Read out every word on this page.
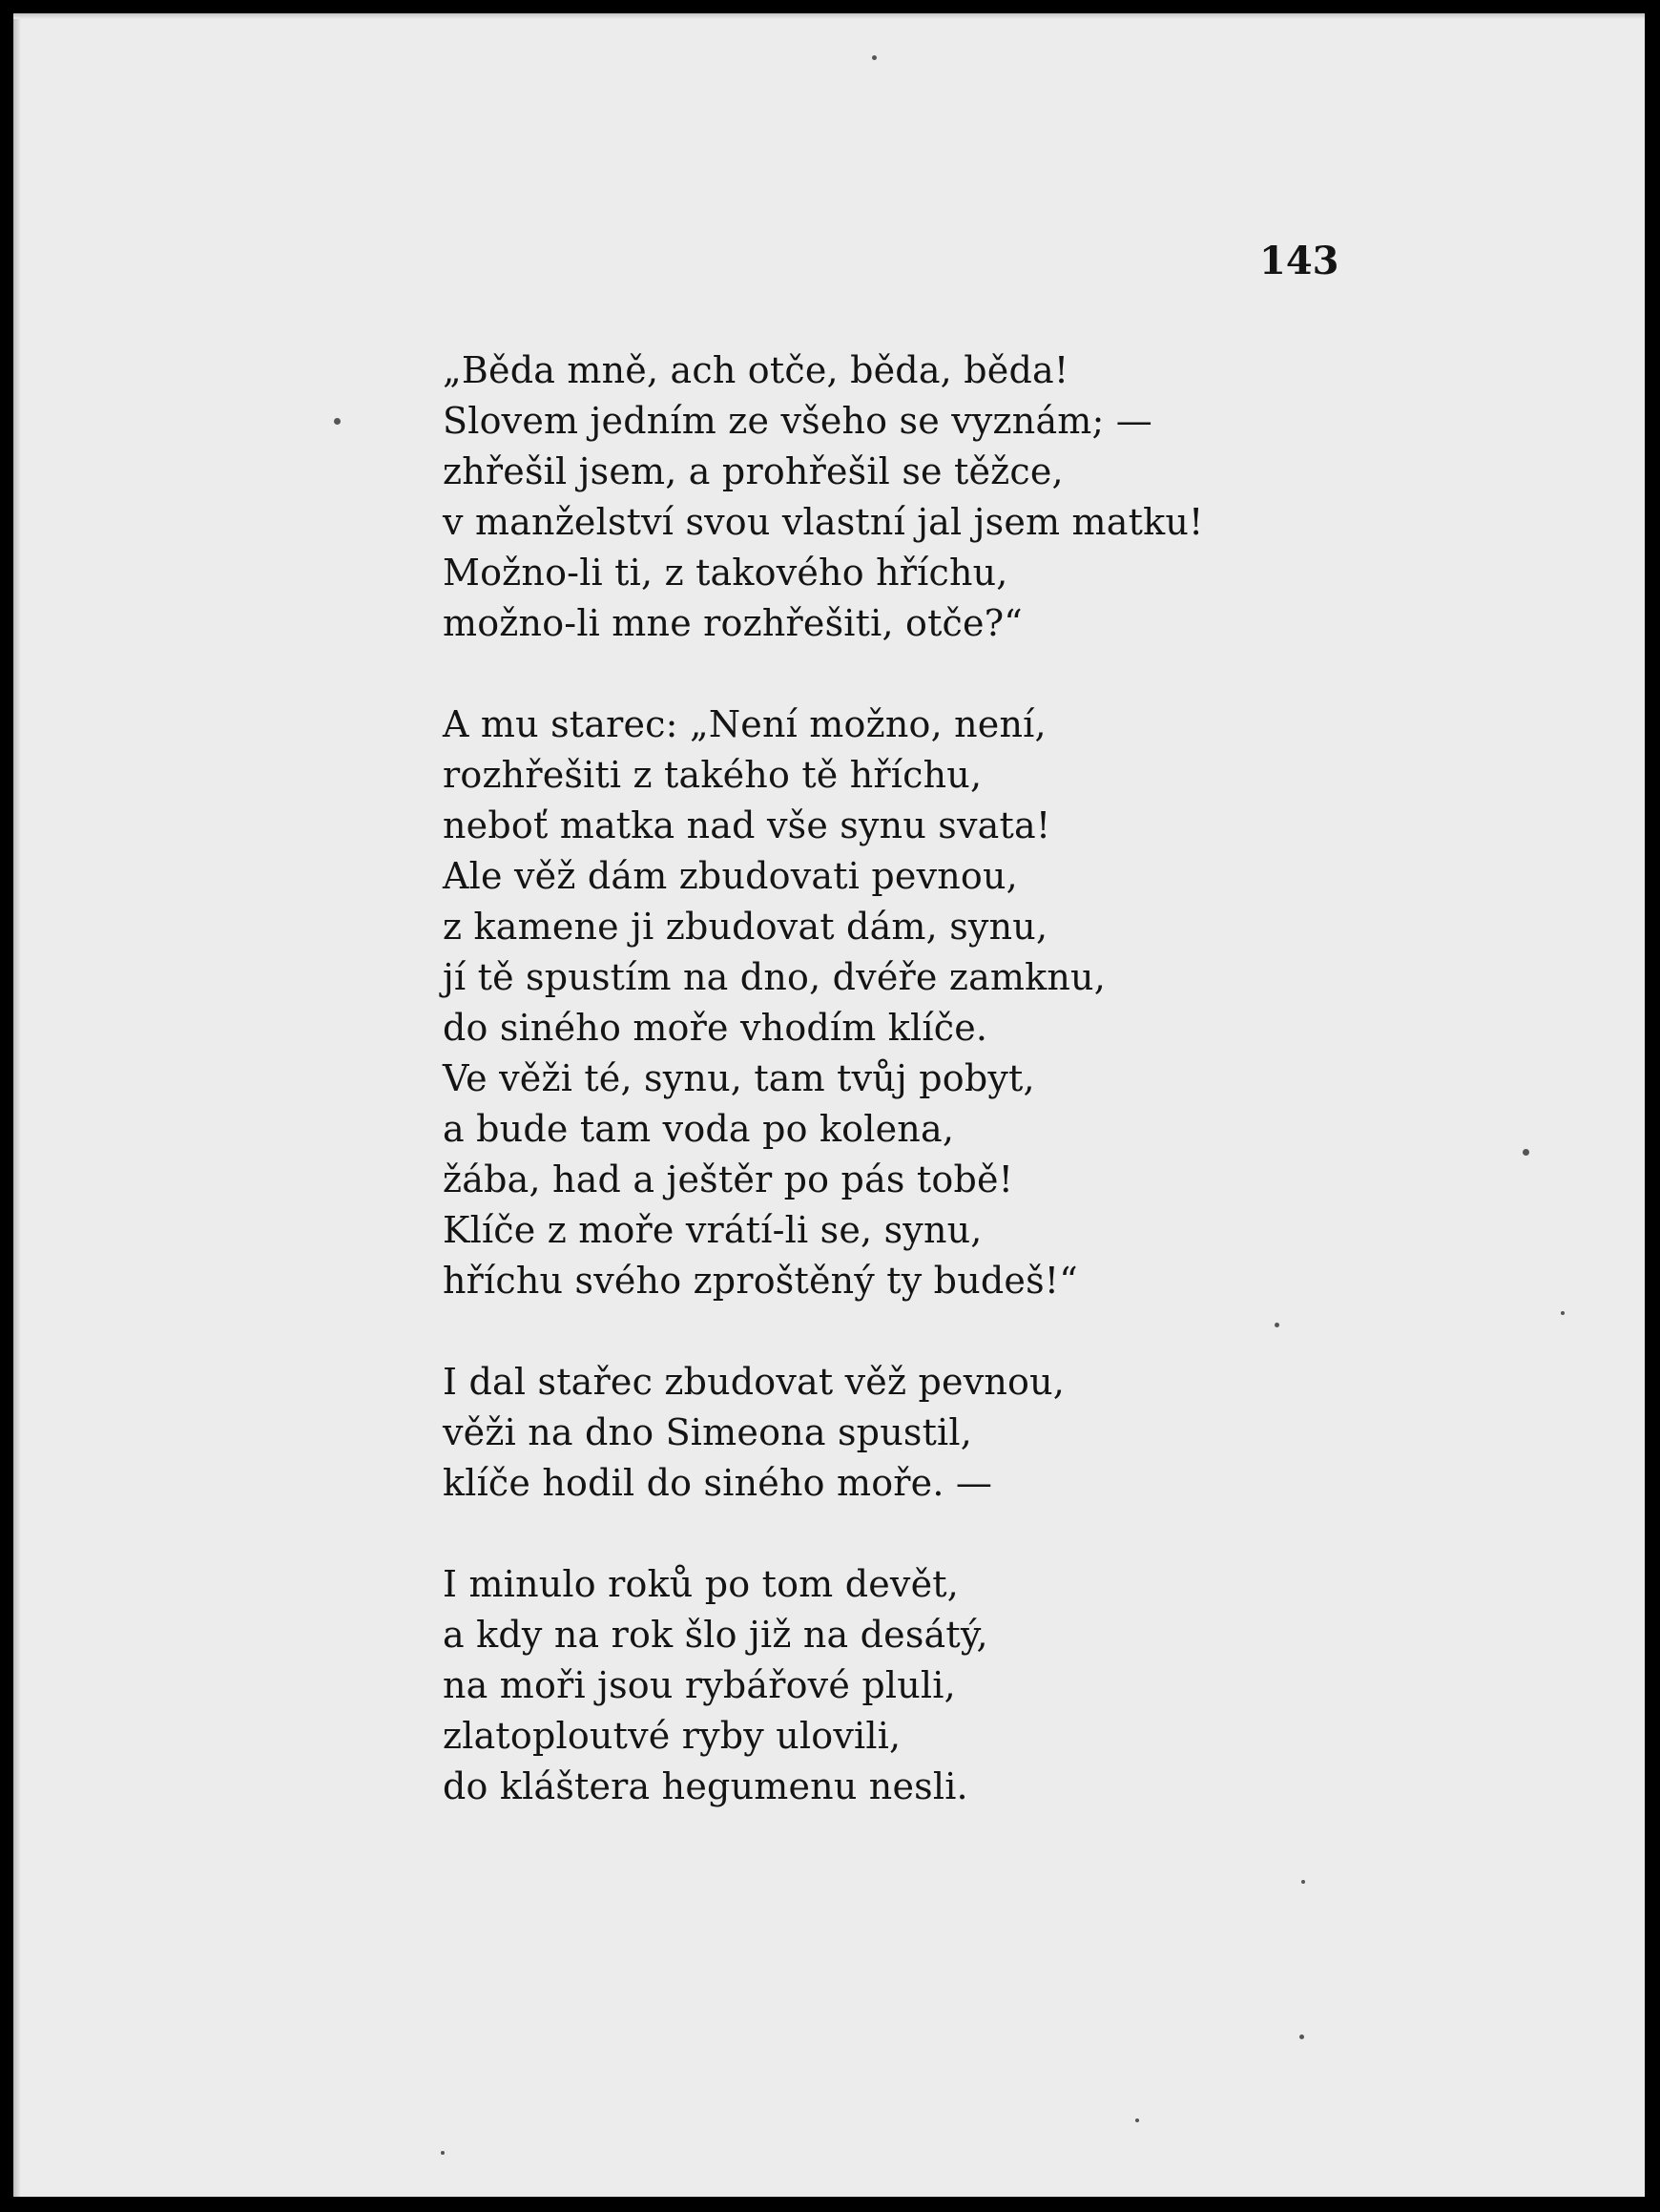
143
„Běda mně, ach otče, běda, běda!
Slovem jedním ze všeho se vyznám; —
zhřešil jsem, a prohřešil se těžce,
v manželství svou vlastní jal jsem matku!
Možno-li ti, z takového hříchu,
možno-li mne rozhřešiti, otče?“
A mu starec: „Není možno, není,
rozhřešiti z takého tě hříchu,
neboť matka nad vše synu svata!
Ale věž dám zbudovati pevnou,
z kamene ji zbudovat dám, synu,
jí tě spustím na dno, dvéře zamknu,
do siného moře vhodím klíče.
Ve věži té, synu, tam tvůj pobyt,
a bude tam voda po kolena,
žába, had a ještěr po pás tobě!
Klíče z moře vrátí-li se, synu,
hříchu svého zproštěný ty budeš!“
I dal stařec zbudovat věž pevnou,
věži na dno Simeona spustil,
klíče hodil do siného moře. —
I minulo roků po tom devět,
a kdy na rok šlo již na desátý,
na moři jsou rybářové pluli,
zlatoploutvé ryby ulovili,
do kláštera hegumenu nesli.
